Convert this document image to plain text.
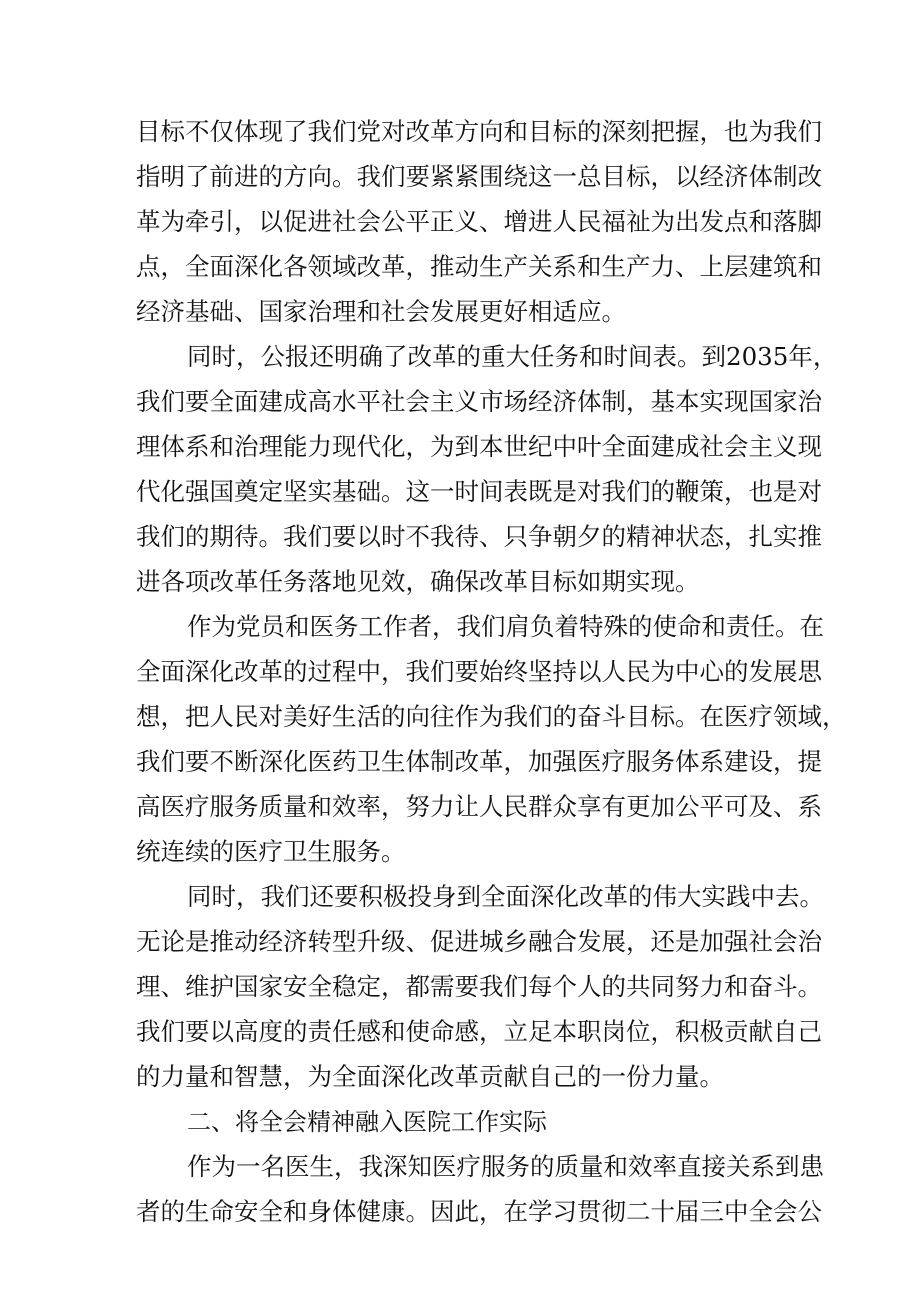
目标不仅体现了我们党对改革方向和目标的深刻把握，也为我们
指明了前进的方向。我们要紧紧围绕这一总目标，以经济体制改
革为牵引，以促进社会公平正义、增进人民福祉为出发点和落脚
点，全面深化各领域改革，推动生产关系和生产力、上层建筑和
经济基础、国家治理和社会发展更好相适应。
同时，公报还明确了改革的重大任务和时间表。到2035年，
我们要全面建成高水平社会主义市场经济体制，基本实现国家治
理体系和治理能力现代化，为到本世纪中叶全面建成社会主义现
代化强国奠定坚实基础。这一时间表既是对我们的鞭策，也是对
我们的期待。我们要以时不我待、只争朝夕的精神状态，扎实推
进各项改革任务落地见效，确保改革目标如期实现。
作为党员和医务工作者，我们肩负着特殊的使命和责任。在
全面深化改革的过程中，我们要始终坚持以人民为中心的发展思
想，把人民对美好生活的向往作为我们的奋斗目标。在医疗领域，
我们要不断深化医药卫生体制改革，加强医疗服务体系建设，提
高医疗服务质量和效率，努力让人民群众享有更加公平可及、系
统连续的医疗卫生服务。
同时，我们还要积极投身到全面深化改革的伟大实践中去。
无论是推动经济转型升级、促进城乡融合发展，还是加强社会治
理、维护国家安全稳定，都需要我们每个人的共同努力和奋斗。
我们要以高度的责任感和使命感，立足本职岗位，积极贡献自己
的力量和智慧，为全面深化改革贡献自己的一份力量。
二、将全会精神融入医院工作实际
作为一名医生，我深知医疗服务的质量和效率直接关系到患
者的生命安全和身体健康。因此，在学习贯彻二十届三中全会公
